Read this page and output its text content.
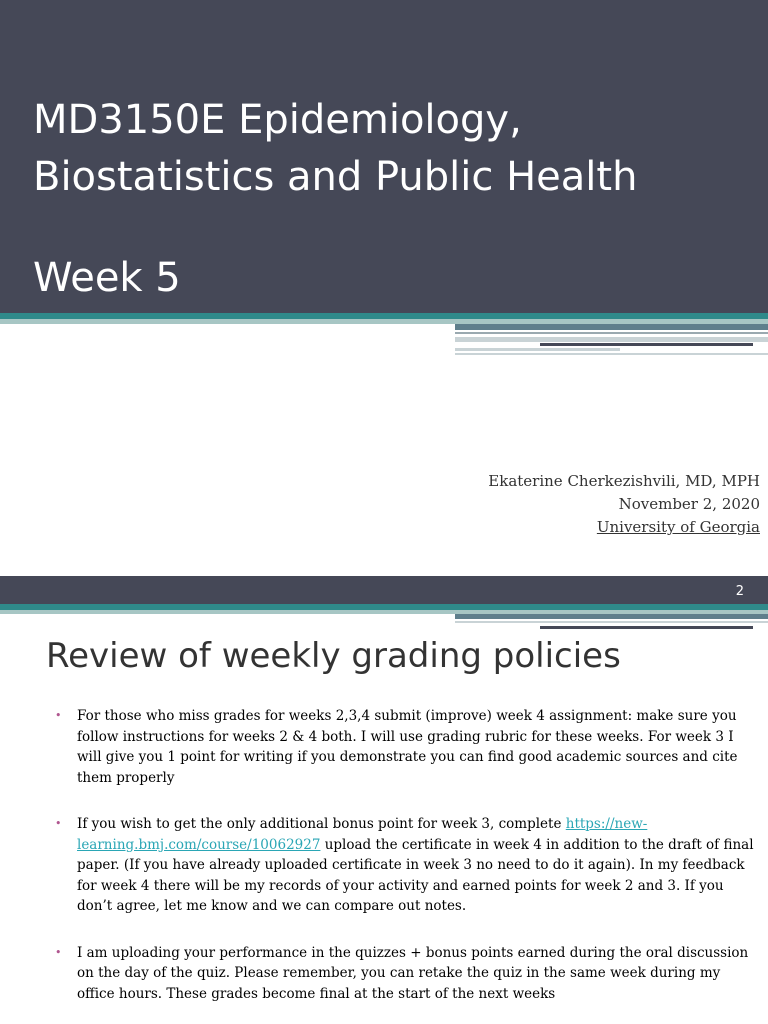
MD3150E Epidemiology,
Biostatistics and Public Health
Week 5
Ekaterine Cherkezishvili, MD, MPH
November 2, 2020
University of Georgia
2
Review of weekly grading policies
• For those who miss grades for weeks 2,3,4 submit (improve) week 4 assignment: make sure you follow instructions for weeks 2 & 4 both. I will use grading rubric for these weeks. For week 3 I will give you 1 point for writing if you demonstrate you can find good academic sources and cite them properly
• If you wish to get the only additional bonus point for week 3, complete https://new-learning.bmj.com/course/10062927 upload the certificate in week 4 in addition to the draft of final paper. (If you have already uploaded certificate in week 3 no need to do it again). In my feedback for week 4 there will be my records of your activity and earned points for week 2 and 3. If you don’t agree, let me know and we can compare out notes.
• I am uploading your performance in the quizzes + bonus points earned during the oral discussion on the day of the quiz. Please remember, you can retake the quiz in the same week during my office hours. These grades become final at the start of the next weeks
